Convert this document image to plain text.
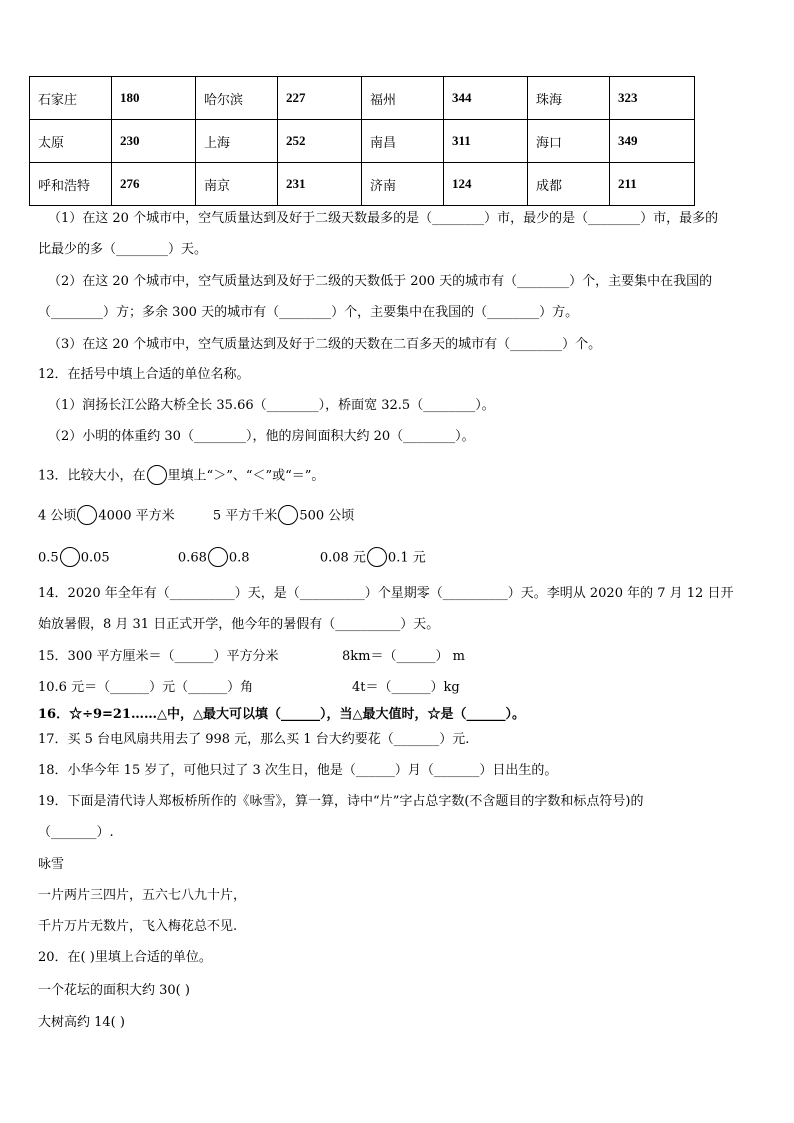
石家庄	180	哈尔滨	227	福州	344	珠海	323
太原	230	上海	252	南昌	311	海口	349
呼和浩特	276	南京	231	济南	124	成都	211
（1）在这 20 个城市中，空气质量达到及好于二级天数最多的是（________）市，最少的是（________）市，最多的
比最少的多（________）天。
（2）在这 20 个城市中，空气质量达到及好于二级的天数低于 200 天的城市有（________）个，主要集中在我国的
（________）方；多余 300 天的城市有（________）个，主要集中在我国的（________）方。
（3）在这 20 个城市中，空气质量达到及好于二级的天数在二百多天的城市有（________）个。
12．在括号中填上合适的单位名称。
（1）润扬长江公路大桥全长 35.66（________），桥面宽 32.5（________）。
（2）小明的体重约 30（________），他的房间面积大约 20（________）。
13．比较大小，在 里填上“＞”、“＜”或“＝”。
4 公顷 4000 平方米	5 平方千米 500 公顷
0.5 0.05	0.68 0.8	0.08 元 0.1 元
14．2020 年全年有（__________）天，是（__________）个星期零（__________）天。李明从 2020 年的 7 月 12 日开
始放暑假，8 月 31 日正式开学，他今年的暑假有（__________）天。
15．300 平方厘米＝（______）平方分米	8km＝（______） m
10.6 元＝（______）元（______）角	4t＝（______）kg
16．☆÷9=21……△中，△最大可以填（______），当△最大值时，☆是（______）。
17．买 5 台电风扇共用去了 998 元，那么买 1 台大约要花（_______）元.
18．小华今年 15 岁了，可他只过了 3 次生日，他是（______）月（_______）日出生的。
19．下面是清代诗人郑板桥所作的《咏雪》，算一算，诗中“片”字占总字数(不含题目的字数和标点符号)的
（_______）.
咏雪
一片两片三四片，五六七八九十片，
千片万片无数片，飞入梅花总不见.
20．在( )里填上合适的单位。
一个花坛的面积大约 30( )
大树高约 14( )
